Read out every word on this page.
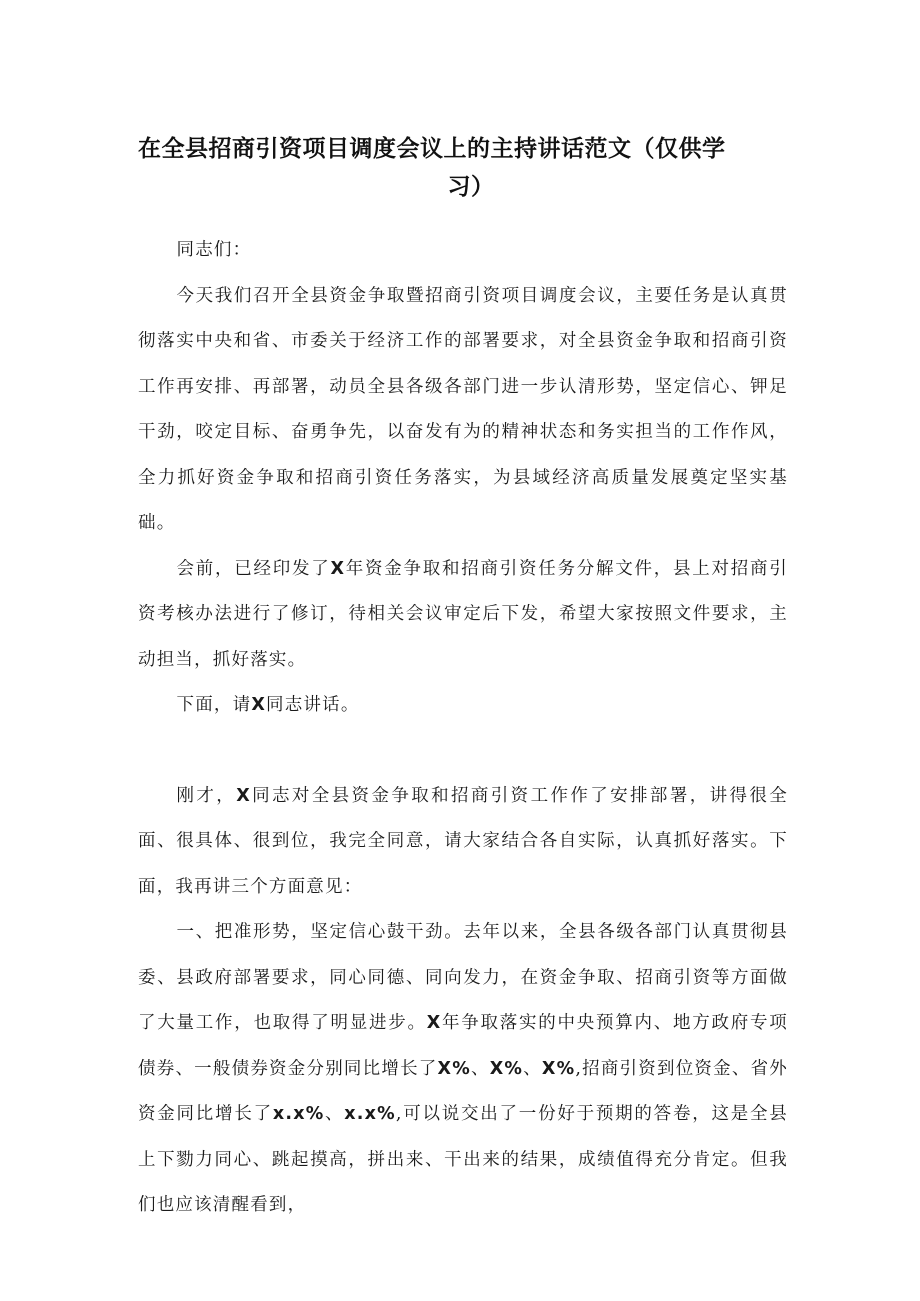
在全县招商引资项目调度会议上的主持讲话范文（仅供学
习）

同志们：

今天我们召开全县资金争取暨招商引资项目调度会议，主要任务是认真贯彻落实中央和省、市委关于经济工作的部署要求，对全县资金争取和招商引资工作再安排、再部署，动员全县各级各部门进一步认清形势，坚定信心、钾足干劲，咬定目标、奋勇争先，以奋发有为的精神状态和务实担当的工作作风，全力抓好资金争取和招商引资任务落实，为县域经济高质量发展奠定坚实基础。

会前，已经印发了X年资金争取和招商引资任务分解文件，县上对招商引资考核办法进行了修订，待相关会议审定后下发，希望大家按照文件要求，主动担当，抓好落实。

下面，请X同志讲话。

刚才，X同志对全县资金争取和招商引资工作作了安排部署，讲得很全面、很具体、很到位，我完全同意，请大家结合各自实际，认真抓好落实。下面，我再讲三个方面意见：

一、把准形势，坚定信心鼓干劲。去年以来，全县各级各部门认真贯彻县委、县政府部署要求，同心同德、同向发力，在资金争取、招商引资等方面做了大量工作，也取得了明显进步。X年争取落实的中央预算内、地方政府专项债券、一般债券资金分别同比增长了X%、X%、X%,招商引资到位资金、省外资金同比增长了x.x%、x.x%,可以说交出了一份好于预期的答卷，这是全县上下勠力同心、跳起摸高，拼出来、干出来的结果，成绩值得充分肯定。但我们也应该清醒看到，
